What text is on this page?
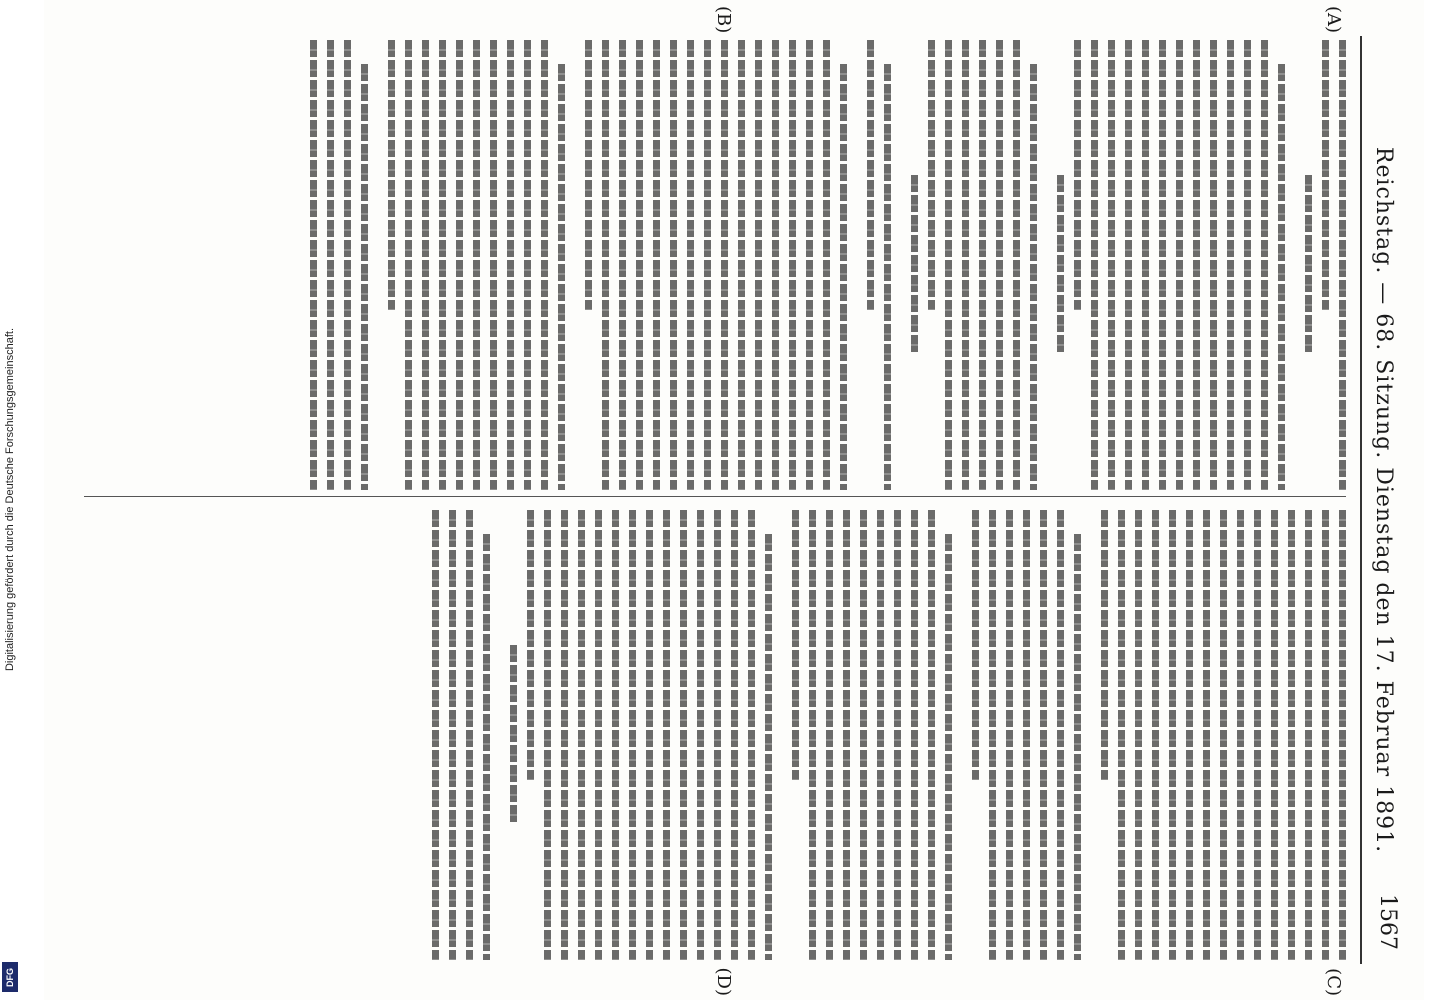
Digitalisierung gefördert durch die Deutsche Forschungsgemeinschaft.
DFG
Reichstag. — 68. Sitzung. Dienstag den 17. Februar 1891.
1567
(A)
(B)
(C)
(D)
